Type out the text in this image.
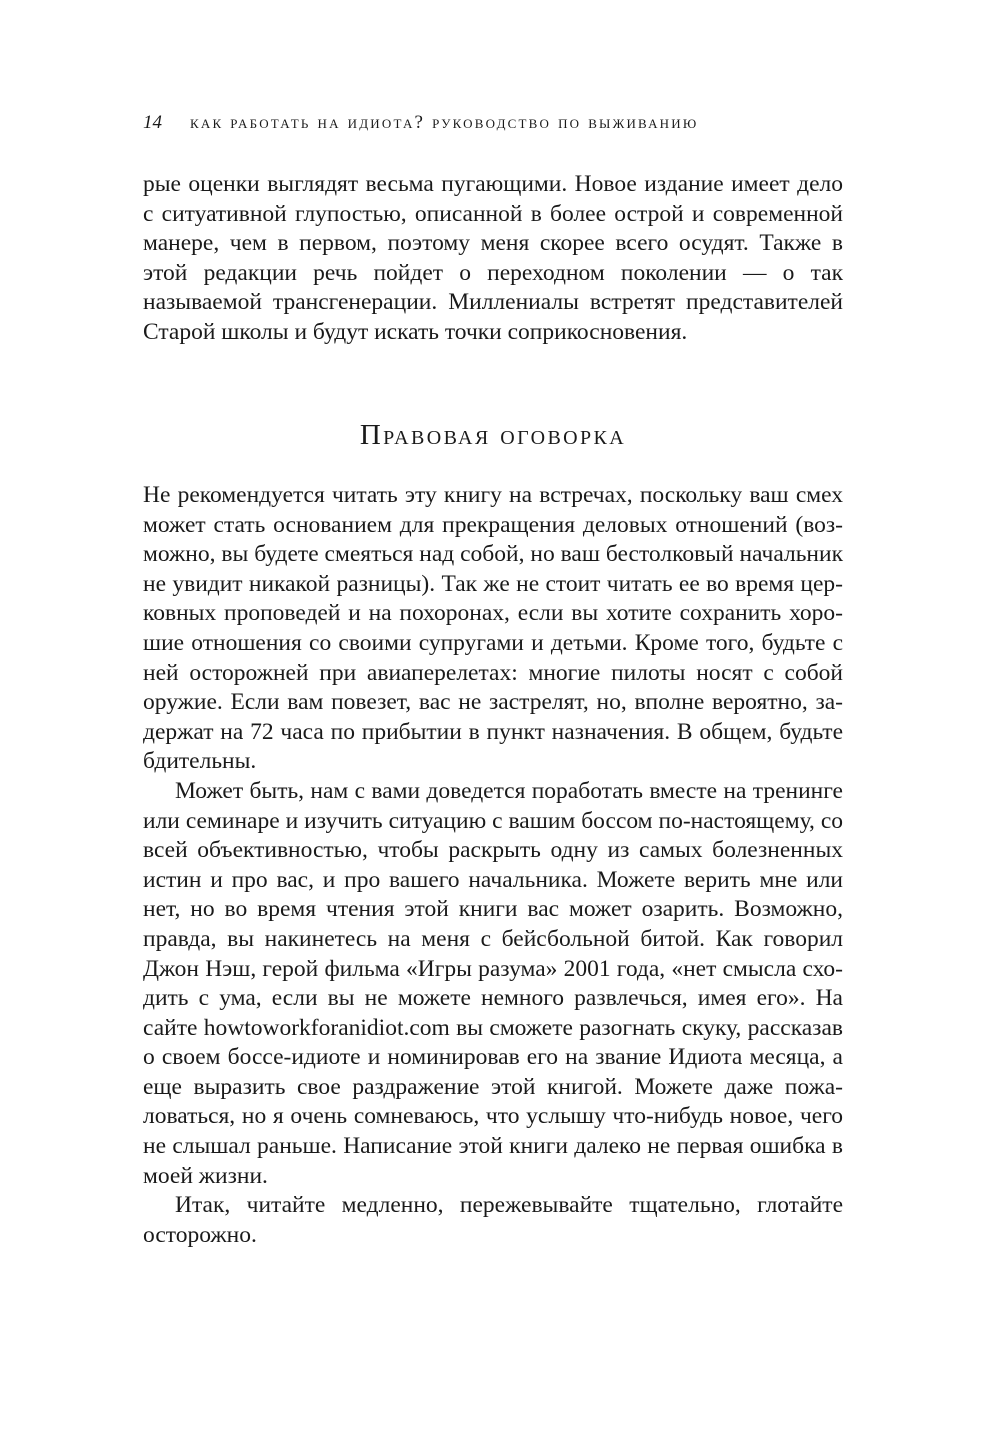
14 как работать на идиота? руководство по выживанию

рые оценки выглядят весьма пугающими. Новое издание имеет дело с ситуативной глупостью, описанной в более острой и современной манере, чем в первом, поэтому меня скорее всего осудят. Также в этой редакции речь пойдет о переходном поколении — о так называемой трансгенерации. Миллениалы встретят представителей Старой школы и будут искать точки соприкосновения.

Правовая оговорка

Не рекомендуется читать эту книгу на встречах, поскольку ваш смех может стать основанием для прекращения деловых отношений (возможно, вы будете смеяться над собой, но ваш бестолковый начальник не увидит никакой разницы). Так же не стоит читать ее во время церковных проповедей и на похоронах, если вы хотите сохранить хорошие отношения со своими супругами и детьми. Кроме того, будьте с ней осторожней при авиаперелетах: многие пилоты носят с собой оружие. Если вам повезет, вас не застрелят, но, вполне вероятно, задержат на 72 часа по прибытии в пункт назначения. В общем, будьте бдительны.

Может быть, нам с вами доведется поработать вместе на тренинге или семинаре и изучить ситуацию с вашим боссом по-настоящему, со всей объективностью, чтобы раскрыть одну из самых болезненных истин и про вас, и про вашего начальника. Можете верить мне или нет, но во время чтения этой книги вас может озарить. Возможно, правда, вы накинетесь на меня с бейсбольной битой. Как говорил Джон Нэш, герой фильма «Игры разума» 2001 года, «нет смысла сходить с ума, если вы не можете немного развлечься, имея его». На сайте howtoworkforanidiot.com вы сможете разогнать скуку, рассказав о своем боссе-идиоте и номинировав его на звание Идиота месяца, а еще выразить свое раздражение этой книгой. Можете даже пожаловаться, но я очень сомневаюсь, что услышу что-нибудь новое, чего не слышал раньше. Написание этой книги далеко не первая ошибка в моей жизни.

Итак, читайте медленно, пережевывайте тщательно, глотайте осторожно.
